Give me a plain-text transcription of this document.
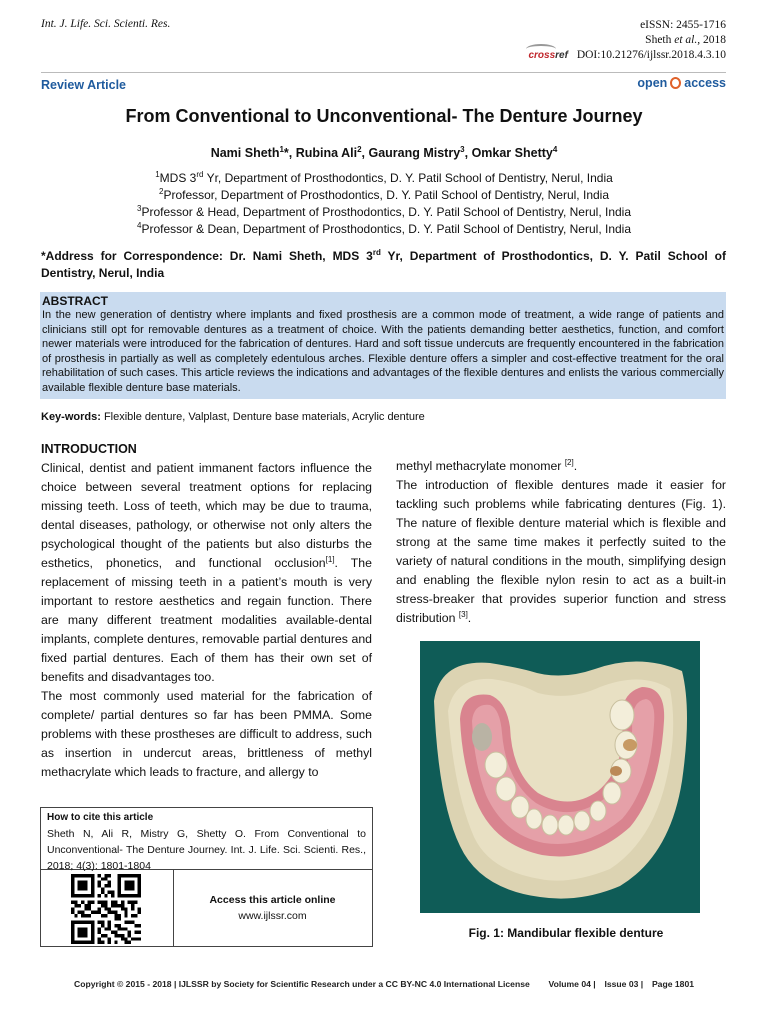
Int. J. Life. Sci. Scienti. Res.	eISSN: 2455-1716
Sheth et al., 2018
crossref DOI:10.21276/ijlssr.2018.4.3.10
Review Article	open access
From Conventional to Unconventional- The Denture Journey
Nami Sheth$^1$*, Rubina Ali$^2$, Gaurang Mistry$^3$, Omkar Shetty$^4$
$^1$MDS 3rd Yr, Department of Prosthodontics, D. Y. Patil School of Dentistry, Nerul, India
$^2$Professor, Department of Prosthodontics, D. Y. Patil School of Dentistry, Nerul, India
$^3$Professor & Head, Department of Prosthodontics, D. Y. Patil School of Dentistry, Nerul, India
$^4$Professor & Dean, Department of Prosthodontics, D. Y. Patil School of Dentistry, Nerul, India
*Address for Correspondence: Dr. Nami Sheth, MDS 3rd Yr, Department of Prosthodontics, D. Y. Patil School of Dentistry, Nerul, India
ABSTRACT
In the new generation of dentistry where implants and fixed prosthesis are a common mode of treatment, a wide range of patients and clinicians still opt for removable dentures as a treatment of choice. With the patients demanding better aesthetics, function, and comfort newer materials were introduced for the fabrication of dentures. Hard and soft tissue undercuts are frequently encountered in the fabrication of prosthesis in partially as well as completely edentulous arches. Flexible denture offers a simpler and cost-effective treatment for the oral rehabilitation of such cases. This article reviews the indications and advantages of the flexible dentures and enlists the various commercially available flexible denture base materials.
Key-words: Flexible denture, Valplast, Denture base materials, Acrylic denture
INTRODUCTION

Clinical, dentist and patient immanent factors influence the choice between several treatment options for replacing missing teeth. Loss of teeth, which may be due to trauma, dental diseases, pathology, or otherwise not only alters the psychological thought of the patients but also disturbs the esthetics, phonetics, and functional occlusion[1]. The replacement of missing teeth in a patient’s mouth is very important to restore aesthetics and regain function. There are many different treatment modalities available-dental implants, complete dentures, removable partial dentures and fixed partial dentures. Each of them has their own set of benefits and disadvantages too.

The most commonly used material for the fabrication of complete/ partial dentures so far has been PMMA. Some problems with these prostheses are difficult to address, such as insertion in undercut areas, brittleness of methyl methacrylate which leads to fracture, and allergy to

methyl methacrylate monomer [2].

The introduction of flexible dentures made it easier for tackling such problems while fabricating dentures (Fig. 1). The nature of flexible denture material which is flexible and strong at the same time makes it perfectly suited to the variety of natural conditions in the mouth, simplifying design and enabling the flexible nylon resin to act as a built-in stress-breaker that provides superior function and stress distribution [3].

How to cite this article
Sheth N, Ali R, Mistry G, Shetty O. From Conventional to Unconventional- The Denture Journey. Int. J. Life. Sci. Scienti. Res., 2018; 4(3): 1801-1804
Access this article online
www.ijlssr.com
Fig. 1: Mandibular flexible denture
Copyright © 2015 - 2018 | IJLSSR by Society for Scientific Research under a CC BY-NC 4.0 International License Volume 04 | Issue 03 | Page 1801
